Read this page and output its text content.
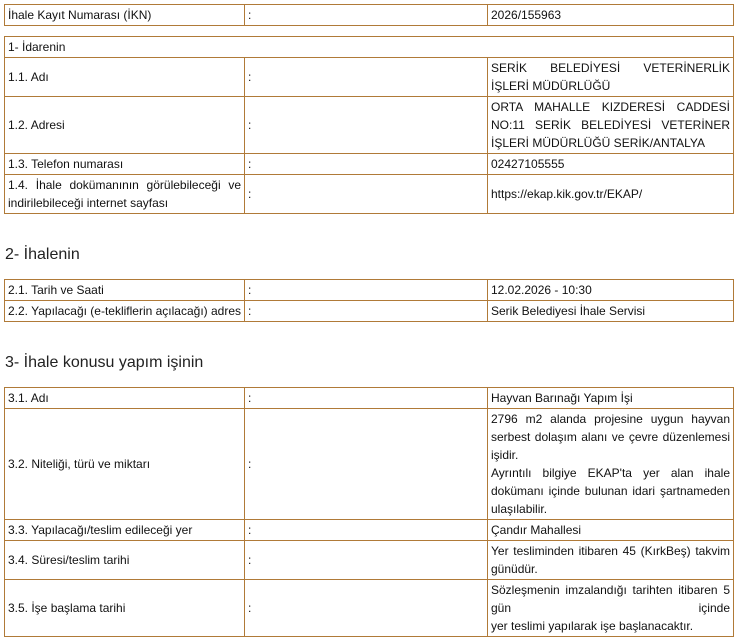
İhale Kayıt Numarası (İKN)	:	2026/155963
1- İdarenin		
1.1. Adı	:	SERİK BELEDİYESİ VETERİNERLİK İŞLERİ MÜDÜRLÜĞÜ
1.2. Adresi	:	ORTA MAHALLE KIZDERESİ CADDESİ NO:11 SERİK BELEDİYESİ VETERİNER İŞLERİ MÜDÜRLÜĞÜ SERİK/ANTALYA
1.3. Telefon numarası	:	02427105555
1.4. İhale dokümanının görülebileceği ve indirilebileceği internet sayfası	:	https://ekap.kik.gov.tr/EKAP/
2- İhalenin
2.1. Tarih ve Saati	:	12.02.2026 - 10:30
2.2. Yapılacağı (e-tekliflerin açılacağı) adres	:	Serik Belediyesi İhale Servisi
3- İhale konusu yapım işinin
3.1. Adı	:	Hayvan Barınağı Yapım İşi
3.2. Niteliği, türü ve miktarı	:	2796 m2 alanda projesine uygun hayvan serbest dolaşım alanı ve çevre düzenlemesi işidir.
Ayrıntılı bilgiye EKAP'ta yer alan ihale dokümanı içinde bulunan idari şartnameden ulaşılabilir.

3.3. Yapılacağı/teslim edileceği yer	:	Çandır Mahallesi
3.4. Süresi/teslim tarihi	:	Yer tesliminden itibaren 45 (KırkBeş) takvim günüdür.
3.5. İşe başlama tarihi	:	Sözleşmenin imzalandığı tarihten itibaren 5 gün içinde
yer teslimi yapılarak işe başlanacaktır.
